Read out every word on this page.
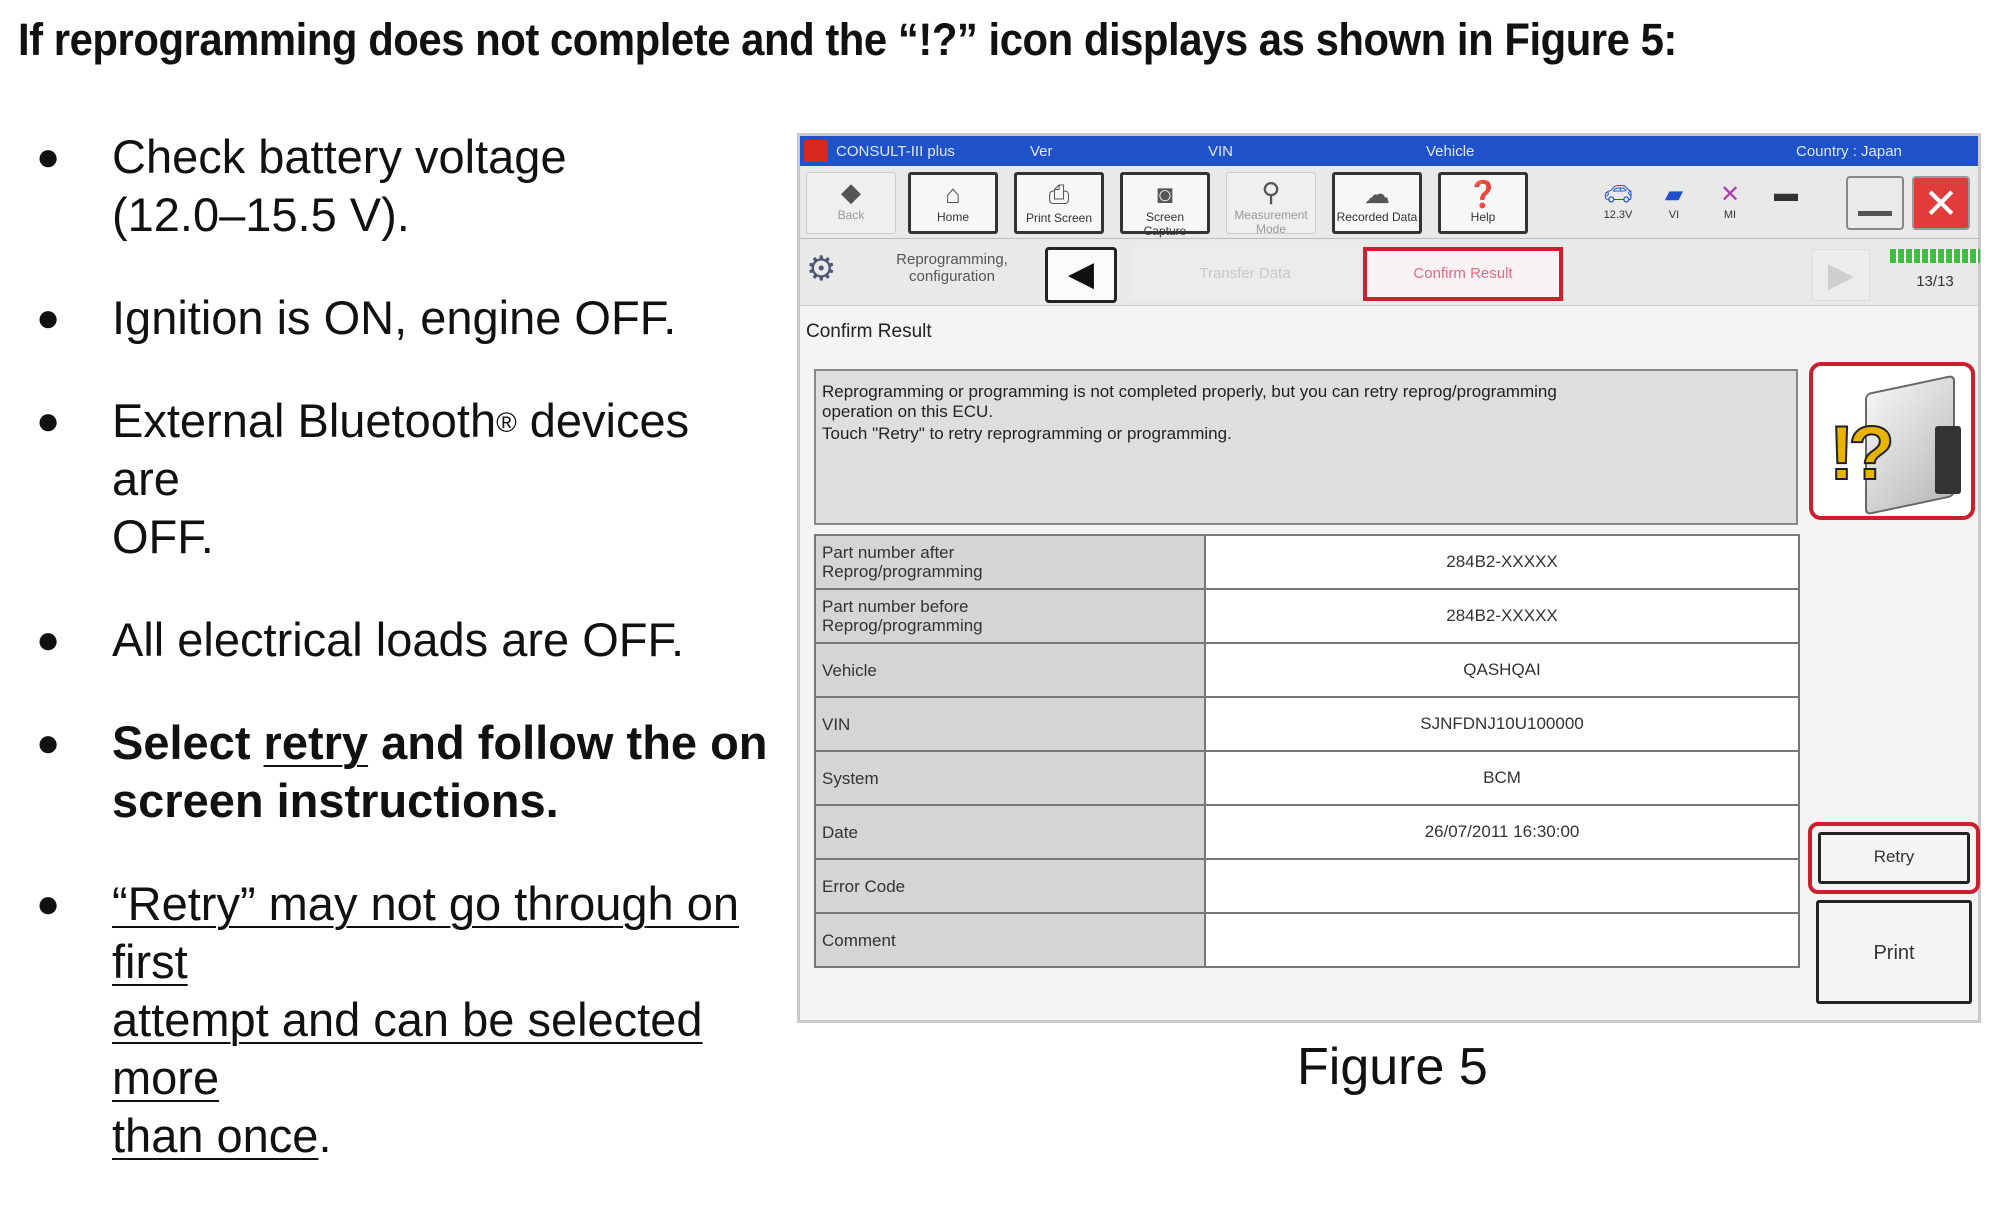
If reprogramming does not complete and the “!?” icon displays as shown in Figure 5:
● Check battery voltage
(12.0–15.5 V).
● Ignition is ON, engine OFF.
● External Bluetooth® devices are
OFF.
● All electrical loads are OFF.
● Select retry and follow the on
screen instructions.
● “Retry” may not go through on first
attempt and can be selected more
than once.
CONSULT-III plus	Ver	VIN	Vehicle	Country : Japan
◆
Back
⌂
Home
⎙
Print Screen
◙
Screen Capture
⚲
Measurement Mode
☁
Recorded Data
❓
Help
🚗︎
12.3V
▰
VI
✕
MI
▬	✕
⚙︎	Reprogramming,
configuration	◀	Transfer Data	Confirm Result	▶	13/13
Confirm Result
Reprogramming or programming is not completed properly, but you can retry reprog/programming
operation on this ECU.
Touch "Retry" to retry reprogramming or programming.	!?
Part number after
Reprog/programming	284B2-XXXXX
Part number before
Reprog/programming	284B2-XXXXX
Vehicle	QASHQAI
VIN	SJNFDNJ10U100000
System	BCM
Date	26/07/2011 16:30:00
Error Code	
Comment	
Retry
Print
Figure 5
